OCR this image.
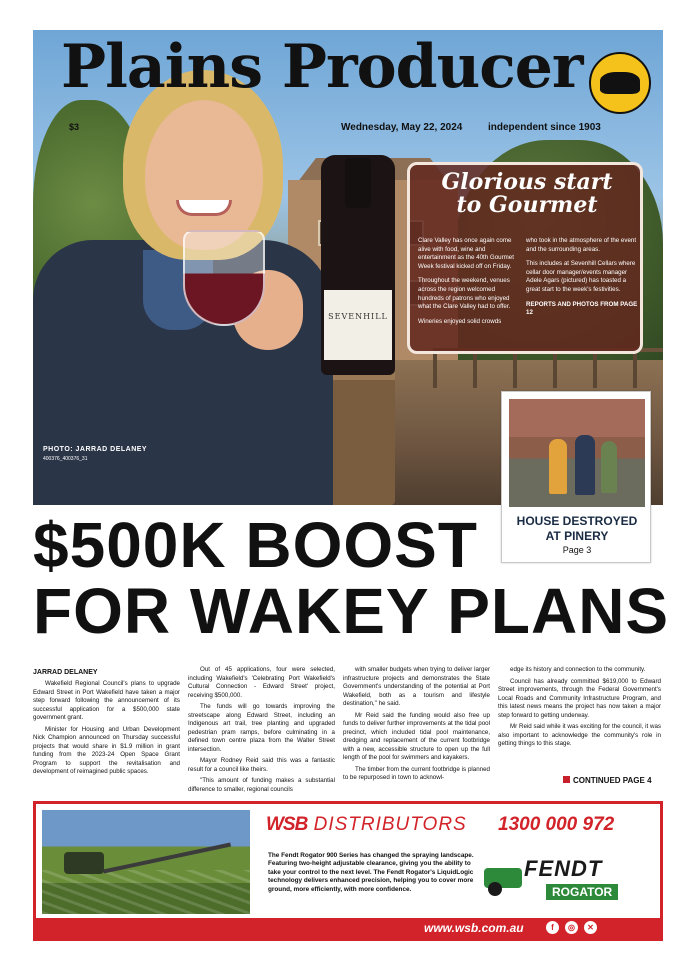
SEVENHILL
Plains Producer
$3	Wednesday, May 22, 2024	independent since 1903
PHOTO: JARRAD DELANEY
400376_400376_31
Glorious start
to Gourmet

Clare Valley has once again come alive with food, wine and entertainment as the 40th Gourmet Week festival kicked off on Friday.

Throughout the weekend, venues across the region welcomed hundreds of patrons who enjoyed what the Clare Valley had to offer.

Wineries enjoyed solid crowds

who took in the atmosphere of the event and the surrounding areas.

This includes at Sevenhill Cellars where cellar door manager/events manager Adele Agars (pictured) has toasted a great start to the week's festivities.

REPORTS AND PHOTOS FROM PAGE 12

HOUSE DESTROYED
AT PINERY
Page 3
$500K BOOST
FOR WAKEY PLANS
JARRAD DELANEY

Wakefield Regional Council's plans to upgrade Edward Street in Port Wakefield have taken a major step forward following the announcement of its successful application for a $500,000 state government grant.

Minister for Housing and Urban Development Nick Champion announced on Thursday successful projects that would share in $1.9 million in grant funding from the 2023-24 Open Space Grant Program to support the revitalisation and development of reimagined public spaces.

Out of 45 applications, four were selected, including Wakefield's 'Celebrating Port Wakefield's Cultural Connection - Edward Street' project, receiving $500,000.

The funds will go towards improving the streetscape along Edward Street, including an Indigenous art trail, tree planting and upgraded pedestrian pram ramps, before culminating in a defined town centre plaza from the Walter Street intersection.

Mayor Rodney Reid said this was a fantastic result for a council like theirs.

"This amount of funding makes a substantial difference to smaller, regional councils

with smaller budgets when trying to deliver larger infrastructure projects and demonstrates the State Government's understanding of the potential at Port Wakefield, both as a tourism and lifestyle destination," he said.

Mr Reid said the funding would also free up funds to deliver further improvements at the tidal pool precinct, which included tidal pool maintenance, dredging and replacement of the current footbridge with a new, accessible structure to open up the full length of the pool for swimmers and kayakers.

The timber from the current footbridge is planned to be repurposed in town to acknowl-

edge its history and connection to the community.

Council has already committed $619,000 to Edward Street improvements, through the Federal Government's Local Roads and Community Infrastructure Program, and this latest news means the project has now taken a major step forward to getting underway.

Mr Reid said while it was exciting for the council, it was also important to acknowledge the community's role in getting things to this stage.

CONTINUED PAGE 4
WSB DISTRIBUTORS 1300 000 972
The Fendt Rogator 900 Series has changed the spraying landscape. Featuring two-height adjustable clearance, giving you the ability to take your control to the next level. The Fendt Rogator's LiquidLogic technology delivers enhanced precision, helping you to cover more ground, more efficiently, with more confidence.
FENDT
ROGATOR
www.wsb.com.au	f	◎	✕
